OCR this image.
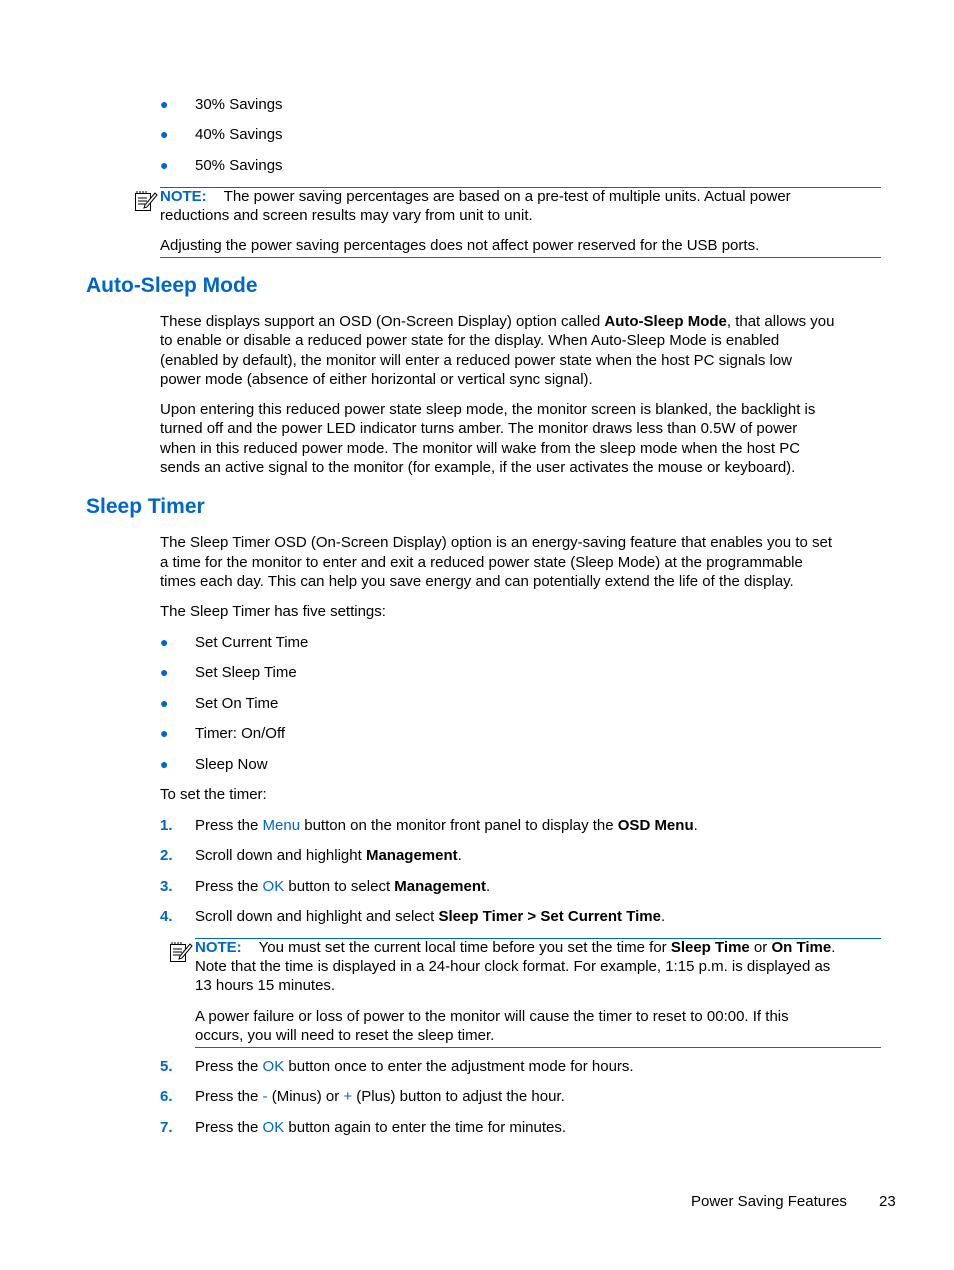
● 30% Savings
● 40% Savings
● 50% Savings
NOTE: The power saving percentages are based on a pre-test of multiple units. Actual power
reductions and screen results may vary from unit to unit.
Adjusting the power saving percentages does not affect power reserved for the USB ports.
Auto-Sleep Mode
These displays support an OSD (On-Screen Display) option called Auto-Sleep Mode, that allows you
to enable or disable a reduced power state for the display. When Auto-Sleep Mode is enabled
(enabled by default), the monitor will enter a reduced power state when the host PC signals low
power mode (absence of either horizontal or vertical sync signal).
Upon entering this reduced power state sleep mode, the monitor screen is blanked, the backlight is
turned off and the power LED indicator turns amber. The monitor draws less than 0.5W of power
when in this reduced power mode. The monitor will wake from the sleep mode when the host PC
sends an active signal to the monitor (for example, if the user activates the mouse or keyboard).
Sleep Timer
The Sleep Timer OSD (On-Screen Display) option is an energy-saving feature that enables you to set
a time for the monitor to enter and exit a reduced power state (Sleep Mode) at the programmable
times each day. This can help you save energy and can potentially extend the life of the display.
The Sleep Timer has five settings:
● Set Current Time
● Set Sleep Time
● Set On Time
● Timer: On/Off
● Sleep Now
To set the timer:
1. Press the Menu button on the monitor front panel to display the OSD Menu.
2. Scroll down and highlight Management.
3. Press the OK button to select Management.
4. Scroll down and highlight and select Sleep Timer > Set Current Time.
NOTE: You must set the current local time before you set the time for Sleep Time or On Time.
Note that the time is displayed in a 24-hour clock format. For example, 1:15 p.m. is displayed as
13 hours 15 minutes.
A power failure or loss of power to the monitor will cause the timer to reset to 00:00. If this
occurs, you will need to reset the sleep timer.
5. Press the OK button once to enter the adjustment mode for hours.
6. Press the - (Minus) or + (Plus) button to adjust the hour.
7. Press the OK button again to enter the time for minutes.
Power Saving Features 23
